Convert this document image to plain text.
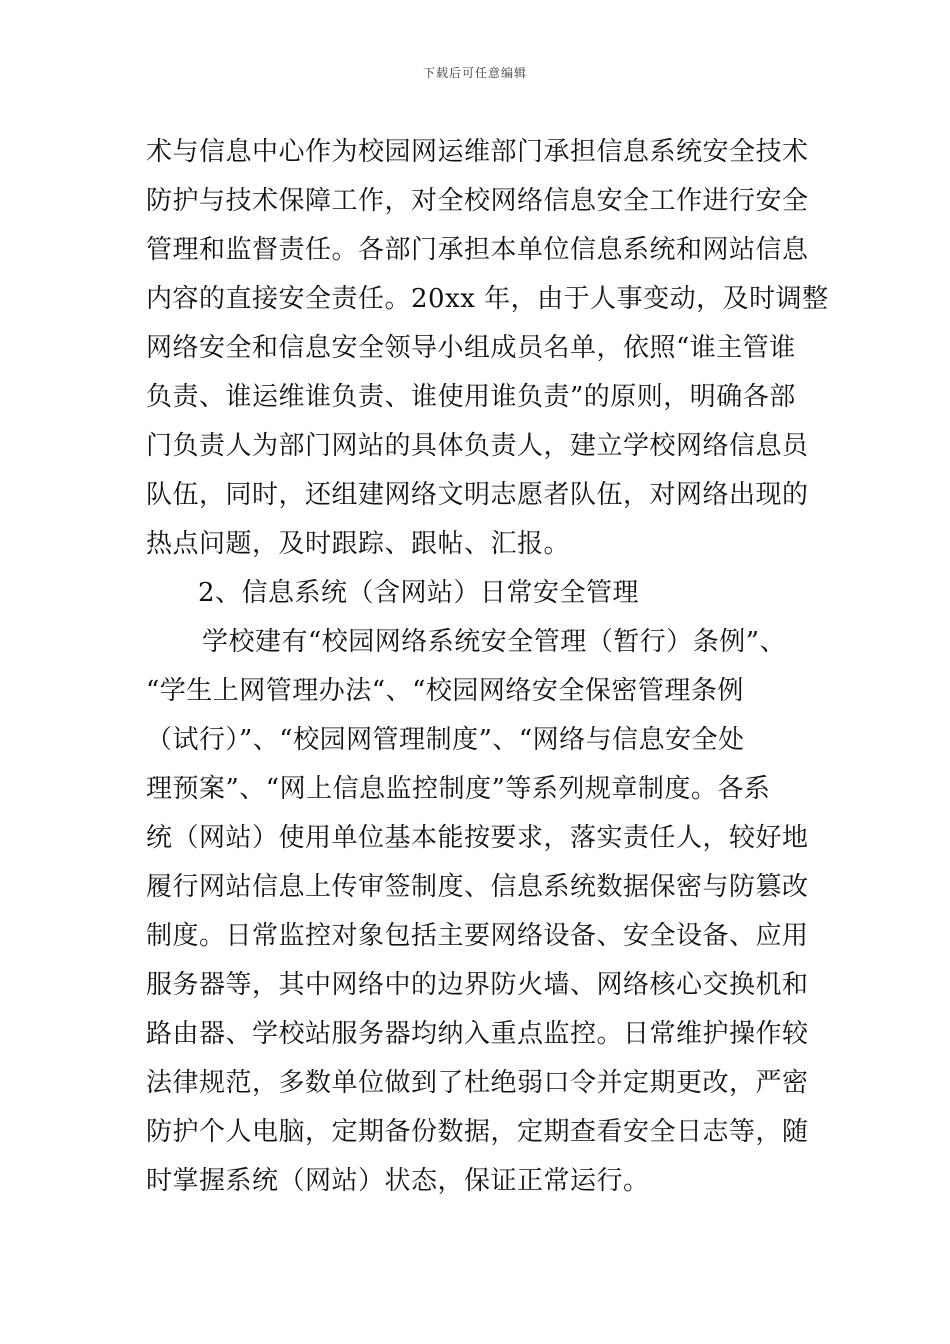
下载后可任意编辑
术与信息中心作为校园网运维部门承担信息系统安全技术
防护与技术保障工作，对全校网络信息安全工作进行安全
管理和监督责任。各部门承担本单位信息系统和网站信息
内容的直接安全责任。20xx 年，由于人事变动，及时调整
网络安全和信息安全领导小组成员名单，依照“谁主管谁
负责、谁运维谁负责、谁使用谁负责”的原则，明确各部
门负责人为部门网站的具体负责人，建立学校网络信息员
队伍，同时，还组建网络文明志愿者队伍，对网络出现的
热点问题，及时跟踪、跟帖、汇报。
2、信息系统（含网站）日常安全管理
学校建有“校园网络系统安全管理（暂行）条例”、
“学生上网管理办法“、“校园网络安全保密管理条例
（试行）”、“校园网管理制度”、“网络与信息安全处
理预案”、“网上信息监控制度”等系列规章制度。各系
统（网站）使用单位基本能按要求，落实责任人，较好地
履行网站信息上传审签制度、信息系统数据保密与防篡改
制度。日常监控对象包括主要网络设备、安全设备、应用
服务器等，其中网络中的边界防火墙、网络核心交换机和
路由器、学校站服务器均纳入重点监控。日常维护操作较
法律规范，多数单位做到了杜绝弱口令并定期更改，严密
防护个人电脑，定期备份数据，定期查看安全日志等，随
时掌握系统（网站）状态，保证正常运行。
